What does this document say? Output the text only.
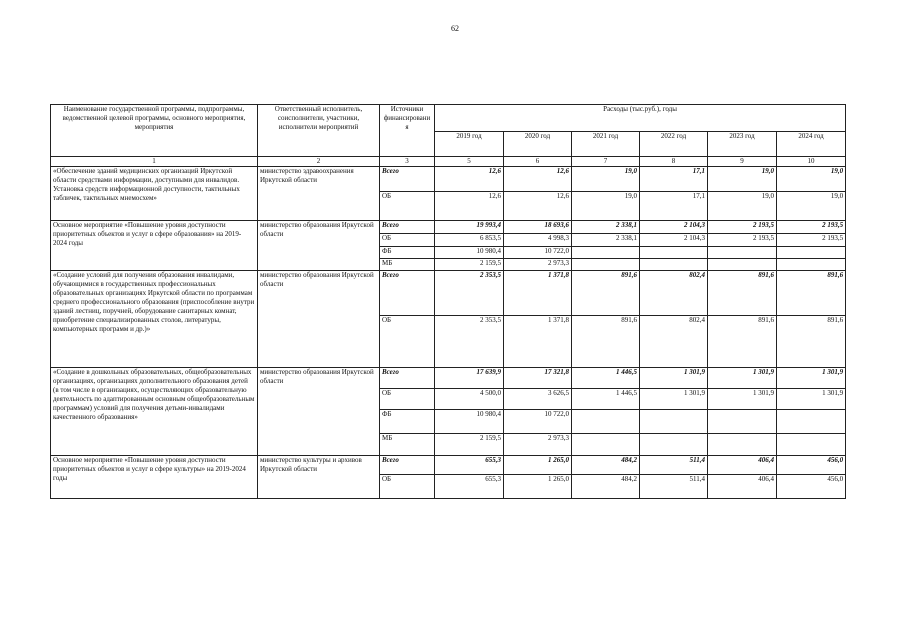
62
Наименование государственной программы, подпрограммы, ведомственной целевой программы, основного мероприятия, мероприятия	Ответственный исполнитель, соисполнители, участники, исполнители мероприятий	Источники финансировани я	Расходы (тыс.руб.), годы					
			2019 год	2020 год	2021 год	2022 год	2023 год	2024 год
1	2	3	5	6	7	8	9	10
«Обеспечение зданий медицинских организаций Иркутской области средствами информации, доступными для инвалидов. Установка средств информационной доступности, тактильных табличек, тактильных мнемосхем»	министерство здравоохранения Иркутской области	Всего	12,6	12,6	19,0	17,1	19,0	19,0
		ОБ	12,6	12,6	19,0	17,1	19,0	19,0
Основное мероприятие «Повышение уровня доступности приоритетных объектов и услуг в сфере образования» на 2019-2024 годы	министерство образования Иркутской области	Всего	19 993,4	18 693,6	2 338,1	2 104,3	2 193,5	2 193,5
		ОБ	6 853,5	4 998,3	2 338,1	2 104,3	2 193,5	2 193,5
		ФБ	10 980,4	10 722,0				
		МБ	2 159,5	2 973,3				
«Создание условий для получения образования инвалидами, обучающимися в государственных профессиональных образовательных организациях Иркутской области по программам среднего профессионального образования (приспособление внутри зданий лестниц, поручней, оборудование санитарных комнат, приобретение специализированных столов, литературы, компьютерных программ и др.)»	министерство образования Иркутской области	Всего	2 353,5	1 371,8	891,6	802,4	891,6	891,6
		ОБ	2 353,5	1 371,8	891,6	802,4	891,6	891,6
«Создание в дошкольных образовательных, общеобразовательных организациях, организациях дополнительного образования детей (в том числе в организациях, осуществляющих образовательную деятельность по адаптированным основным общеобразовательным программам) условий для получения детьми-инвалидами качественного образования»	министерство образования Иркутской области	Всего	17 639,9	17 321,8	1 446,5	1 301,9	1 301,9	1 301,9
		ОБ	4 500,0	3 626,5	1 446,5	1 301,9	1 301,9	1 301,9
		ФБ	10 980,4	10 722,0				
		МБ	2 159,5	2 973,3				
Основное мероприятие «Повышение уровня доступности приоритетных объектов и услуг в сфере культуры» на 2019-2024 годы	министерство культуры и архивов Иркутской области	Всего	655,3	1 265,0	484,2	511,4	406,4	456,0
		ОБ	655,3	1 265,0	484,2	511,4	406,4	456,0
